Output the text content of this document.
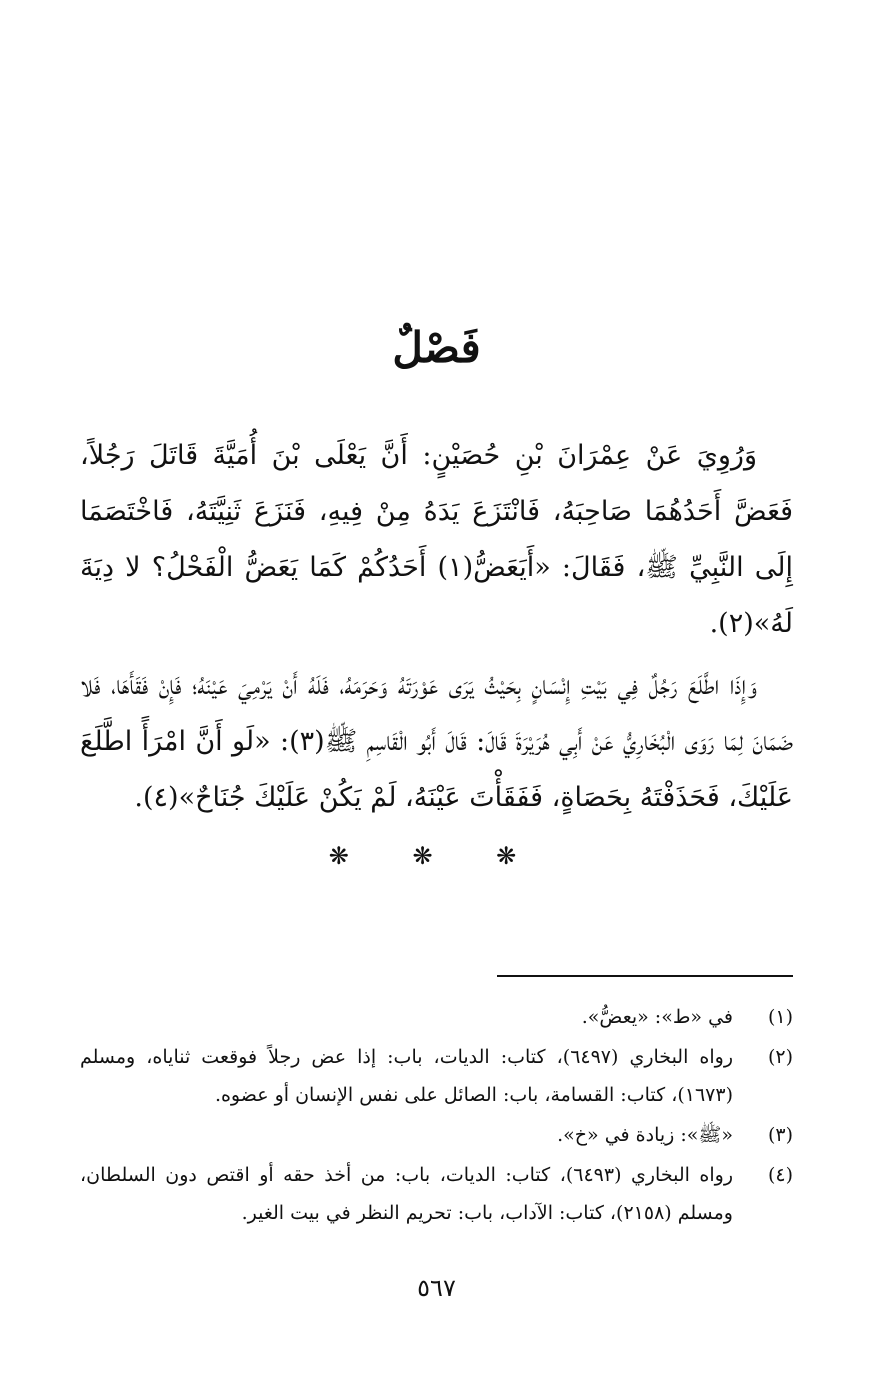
فَصْلٌ

وَرُوِيَ عَنْ عِمْرَانَ بْنِ حُصَيْنٍ: أَنَّ يَعْلَى بْنَ أُمَيَّةَ قَاتَلَ رَجُلاً، فَعَضَّ أَحَدُهُمَا صَاحِبَهُ، فَانْتَزَعَ يَدَهُ مِنْ فِيهِ، فَنَزَعَ ثَنِيَّتَهُ، فَاخْتَصَمَا إِلَى النَّبِيِّ ﷺ، فَقَالَ: «أَيَعَضُّ(١) أَحَدُكُمْ كَمَا يَعَضُّ الْفَحْلُ؟ لا دِيَةَ لَهُ»(٢).

وَإِذَا اطَّلَعَ رَجُلٌ فِي بَيْتِ إِنْسَانٍ بِحَيْثُ يَرَى عَوْرَتَهُ وَحَرَمَهُ، فَلَهُ أَنْ يَرْمِيَ عَيْنَهُ؛ فَإِنْ فَقَأَهَا، فَلا ضَمَانَ لِمَا رَوَى الْبُخَارِيُّ عَنْ أَبِي هُرَيْرَةَ قَالَ: قَالَ أَبُو الْقَاسِمِ ﷺ(٣): «لَو أَنَّ امْرَأً اطَّلَعَ عَلَيْكَ، فَحَذَفْتَهُ بِحَصَاةٍ، فَفَقَأْتَ عَيْنَهُ، لَمْ يَكُنْ عَلَيْكَ جُنَاحٌ»(٤).

❋ ❋ ❋
(١)
في «ط»: «يعضُّ».
(٢)
رواه البخاري (٦٤٩٧)، كتاب: الديات، باب: إذا عض رجلاً فوقعت ثناياه، ومسلم (١٦٧٣)، كتاب: القسامة، باب: الصائل على نفس الإنسان أو عضوه.
(٣)
«ﷺ»: زيادة في «خ».
(٤)
رواه البخاري (٦٤٩٣)، كتاب: الديات، باب: من أخذ حقه أو اقتص دون السلطان، ومسلم (٢١٥٨)، كتاب: الآداب، باب: تحريم النظر في بيت الغير.
٥٦٧
